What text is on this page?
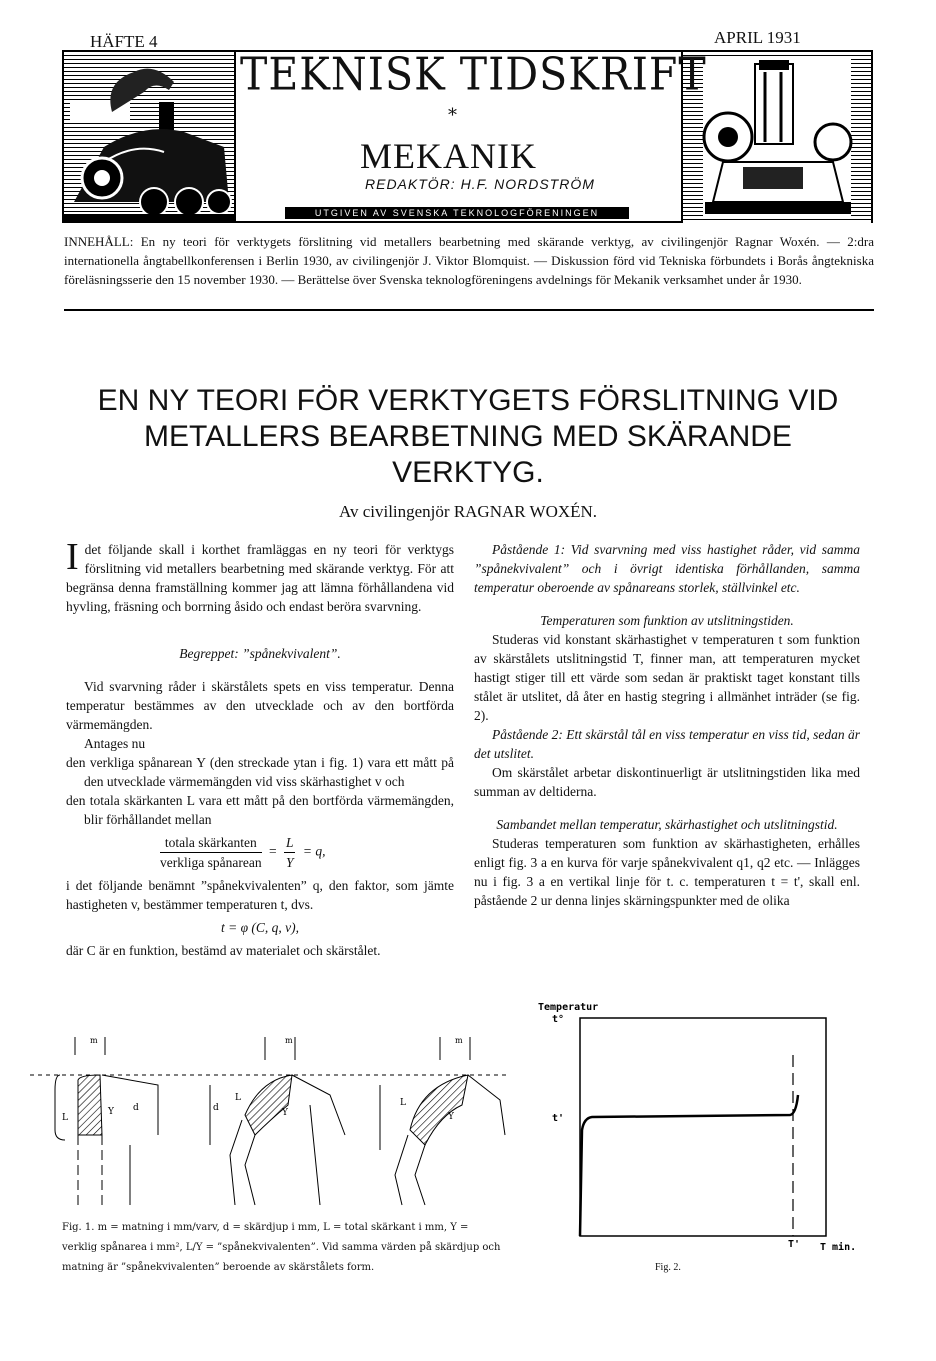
HÄFTE 4	APRIL 1931
TEKNISK TIDSKRIFT
*
MEKANIK
REDAKTÖR: H.F. NORDSTRÖM
UTGIVEN AV SVENSKA TEKNOLOGFÖRENINGEN
INNEHÅLL: En ny teori för verktygets förslitning vid metallers bearbetning med skärande verktyg, av civilingenjör Ragnar Woxén. — 2:dra internationella ångtabellkonferensen i Berlin 1930, av civilingenjör J. Viktor Blomquist. — Diskussion förd vid Tekniska förbundets i Borås ångtekniska föreläsningsserie den 15 november 1930. — Berättelse över Svenska teknologföreningens avdelnings för Mekanik verksamhet under år 1930.
EN NY TEORI FÖR VERKTYGETS FÖRSLITNING VID METALLERS BEARBETNING MED SKÄRANDE VERKTYG.
Av civilingenjör RAGNAR WOXÉN.

Idet följande skall i korthet framläggas en ny teori för verktygs förslitning vid metallers bearbetning med skärande verktyg. För att begränsa denna framställning kommer jag att lämna förhållandena vid hyvling, fräsning och borrning åsido och endast beröra svarvning.

Begreppet: ”spånekvivalent”.

Vid svarvning råder i skärstålets spets en viss temperatur. Denna temperatur bestämmes av den utvecklade och av den bortförda värmemängden.

Antages nu

den verkliga spånarean Y (den streckade ytan i fig. 1) vara ett mått på den utvecklade värmemängden vid viss skärhastighet v och

den totala skärkanten L vara ett mått på den bortförda värmemängden, blir förhållandet mellan

$\frac{\text{totala skärkanten}}{\text{verkliga spånarean}} = \frac{L}{Y} = q$,

i det följande benämnt ”spånekvivalenten” q, den faktor, som jämte hastigheten v, bestämmer temperaturen t, dvs.

t = φ (C, q, v),

där C är en funktion, bestämd av materialet och skärstålet.

Påstående 1: Vid svarvning med viss hastighet råder, vid samma ”spånekvivalent” och i övrigt identiska förhållanden, samma temperatur oberoende av spånareans storlek, ställvinkel etc.

Temperaturen som funktion av utslitningstiden.

Studeras vid konstant skärhastighet v temperaturen t som funktion av skärstålets utslitningstid T, finner man, att temperaturen mycket hastigt stiger till ett värde som sedan är praktiskt taget konstant tills stålet är utslitet, då åter en hastig stegring i allmänhet inträder (se fig. 2).

Påstående 2: Ett skärstål tål en viss temperatur en viss tid, sedan är det utslitet.

Om skärstålet arbetar diskontinuerligt är utslitningstiden lika med summan av deltiderna.

Sambandet mellan temperatur, skärhastighet och utslitningstid.

Studeras temperaturen som funktion av skärhastigheten, erhålles enligt fig. 3 a en kurva för varje spånekvivalent q1, q2 etc. — Inlägges nu i fig. 3 a en vertikal linje för t. c. temperaturen t = t', skall enl. påstående 2 ur denna linjes skärningspunkter med de olika

L
Y d
m
L
Y
d
m
L
Y
m
Fig. 1. m = matning i mm/varv, d = skärdjup i mm, L = total skärkant i mm, Y = verklig spånarea i mm², L/Y = ”spånekvivalenten”. Vid samma värden på skärdjup och matning är ”spånekvivalenten” beroende av skärstålets form.
Temperatur
t°
t'
T' T min.
Fig. 2.
